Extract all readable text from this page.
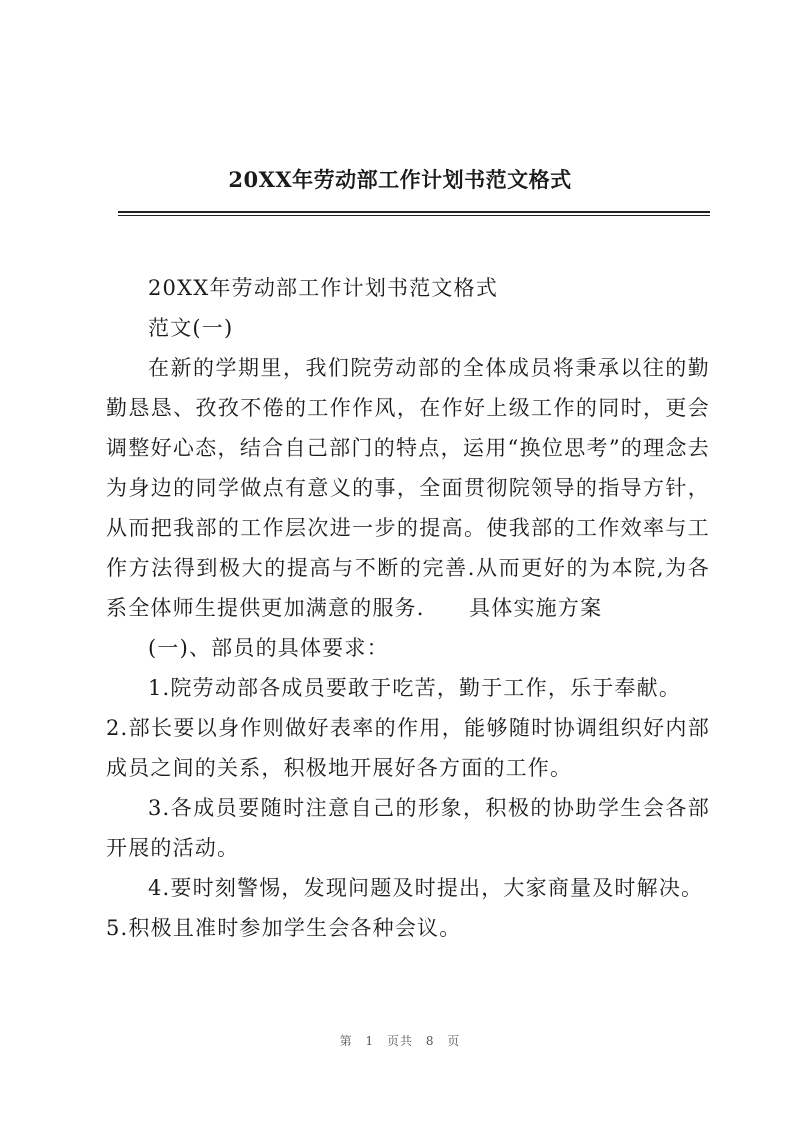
20XX年劳动部工作计划书范文格式

20XX年劳动部工作计划书范文格式

范文(一)

在新的学期里，我们院劳动部的全体成员将秉承以往的勤勤恳恳、孜孜不倦的工作作风，在作好上级工作的同时，更会调整好心态，结合自己部门的特点，运用“换位思考”的理念去为身边的同学做点有意义的事，全面贯彻院领导的指导方针，从而把我部的工作层次进一步的提高。使我部的工作效率与工作方法得到极大的提高与不断的完善.从而更好的为本院,为各系全体师生提供更加满意的服务.　　具体实施方案

(一)、部员的具体要求：

1.院劳动部各成员要敢于吃苦，勤于工作，乐于奉献。

2.部长要以身作则做好表率的作用，能够随时协调组织好内部成员之间的关系，积极地开展好各方面的工作。

3.各成员要随时注意自己的形象，积极的协助学生会各部开展的活动。

4.要时刻警惕，发现问题及时提出，大家商量及时解决。

5.积极且准时参加学生会各种会议。

第 1 页共 8 页
